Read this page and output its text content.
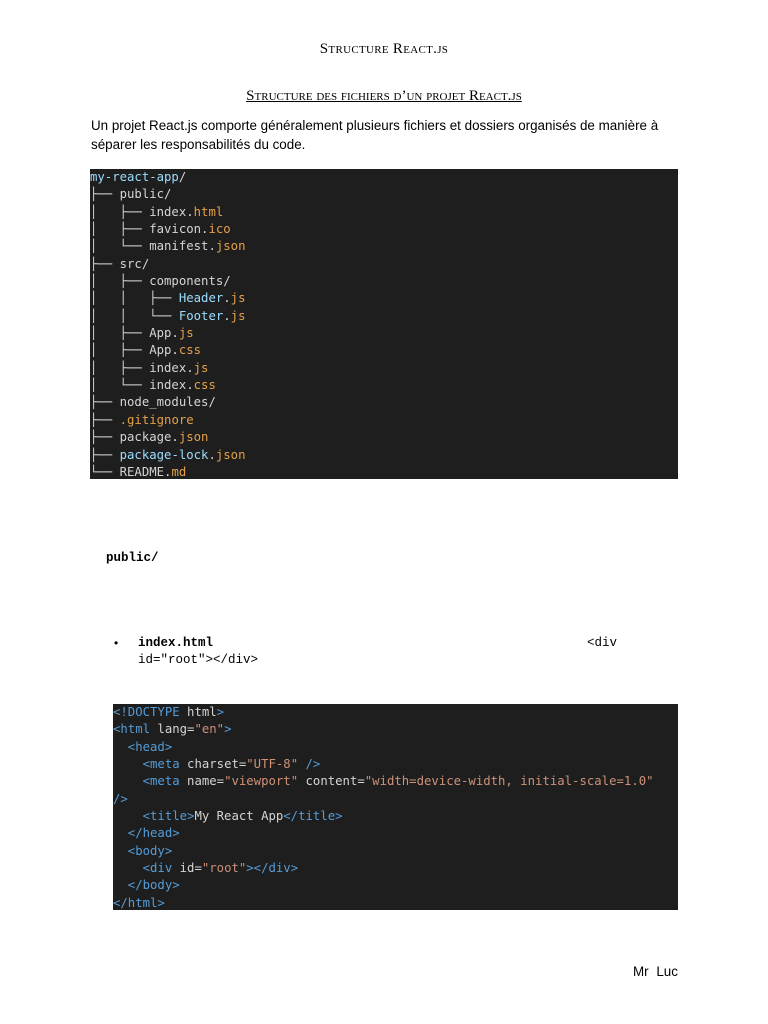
Structure React.js
Structure des fichiers d’un projet React.js
Un projet React.js comporte généralement plusieurs fichiers et dossiers organisés de manière à séparer les responsabilités du code.
my-react-app/
├── public/
│   ├── index.html
│   ├── favicon.ico
│   └── manifest.json
├── src/
│   ├── components/
│   │   ├── Header.js
│   │   └── Footer.js
│   ├── App.js
│   ├── App.css
│   ├── index.js
│   └── index.css
├── node_modules/
├── .gitignore
├── package.json
├── package-lock.json
└── README.md
public/
• index.html	<div
id="root"></div>
<!DOCTYPE html>
<html lang="en">
<head>
<meta charset="UTF-8" />
<meta name="viewport" content="width=device-width, initial-scale=1.0"
/>
<title>My React App</title>
</head>
<body>
<div id="root"></div>
</body>
</html>
Mr Luc
